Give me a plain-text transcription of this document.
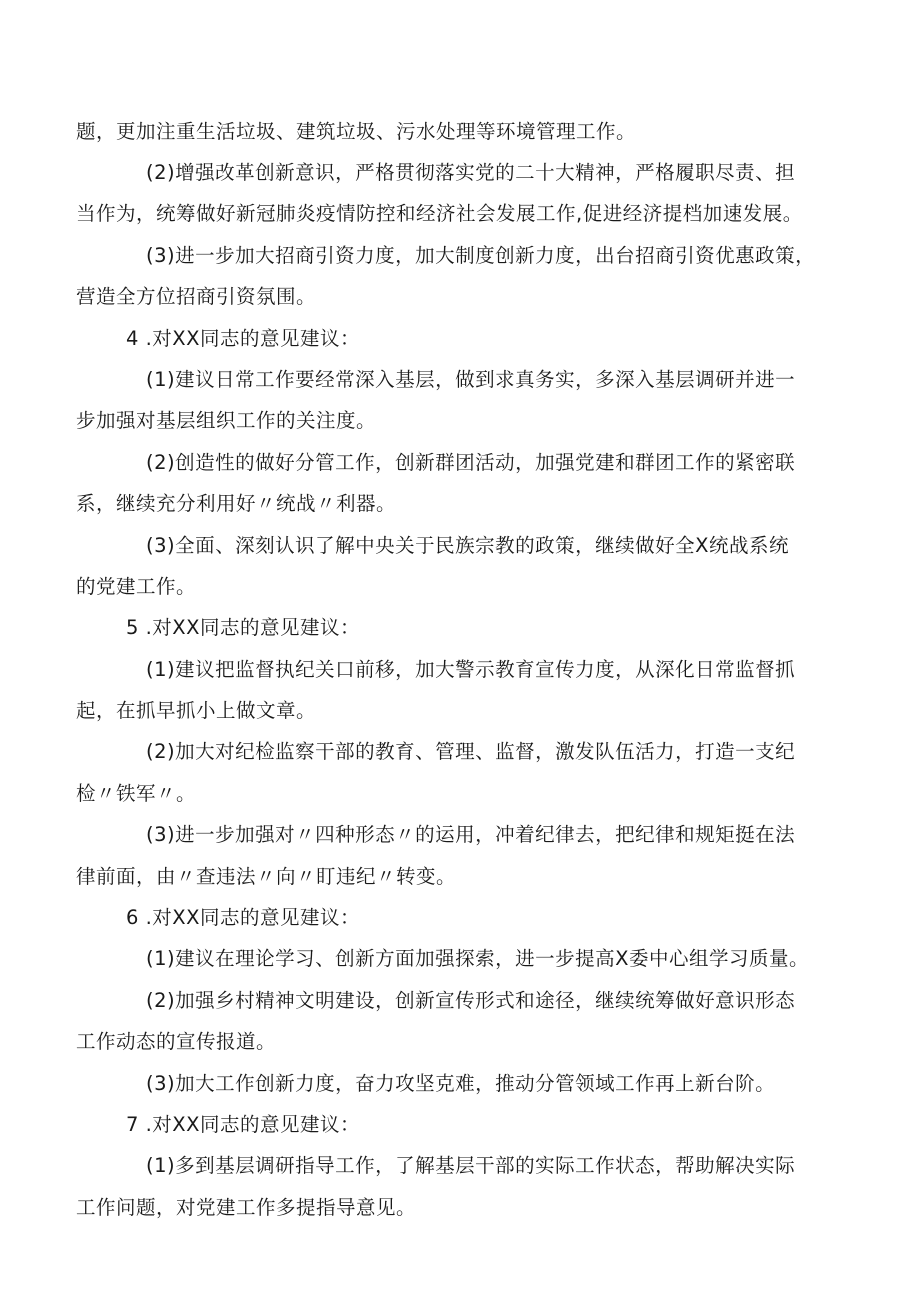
题，更加注重生活垃圾、建筑垃圾、污水处理等环境管理工作。
(2)增强改革创新意识，严格贯彻落实党的二十大精神，严格履职尽责、担
当作为，统筹做好新冠肺炎疫情防控和经济社会发展工作,促进经济提档加速发展。
(3)进一步加大招商引资力度，加大制度创新力度，出台招商引资优惠政策，
营造全方位招商引资氛围。
4 .对XX同志的意见建议：
(1)建议日常工作要经常深入基层，做到求真务实，多深入基层调研并进一
步加强对基层组织工作的关注度。
(2)创造性的做好分管工作，创新群团活动，加强党建和群团工作的紧密联
系，继续充分利用好〃统战〃利器。
(3)全面、深刻认识了解中央关于民族宗教的政策，继续做好全X统战系统
的党建工作。
5 .对XX同志的意见建议：
(1)建议把监督执纪关口前移，加大警示教育宣传力度，从深化日常监督抓
起，在抓早抓小上做文章。
(2)加大对纪检监察干部的教育、管理、监督，激发队伍活力，打造一支纪
检〃铁军〃。
(3)进一步加强对〃四种形态〃的运用，冲着纪律去，把纪律和规矩挺在法
律前面，由〃查违法〃向〃盯违纪〃转变。
6 .对XX同志的意见建议：
(1)建议在理论学习、创新方面加强探索，进一步提高X委中心组学习质量。
(2)加强乡村精神文明建设，创新宣传形式和途径，继续统筹做好意识形态
工作动态的宣传报道。
(3)加大工作创新力度，奋力攻坚克难，推动分管领域工作再上新台阶。
7 .对XX同志的意见建议：
(1)多到基层调研指导工作，了解基层干部的实际工作状态，帮助解决实际
工作问题，对党建工作多提指导意见。
